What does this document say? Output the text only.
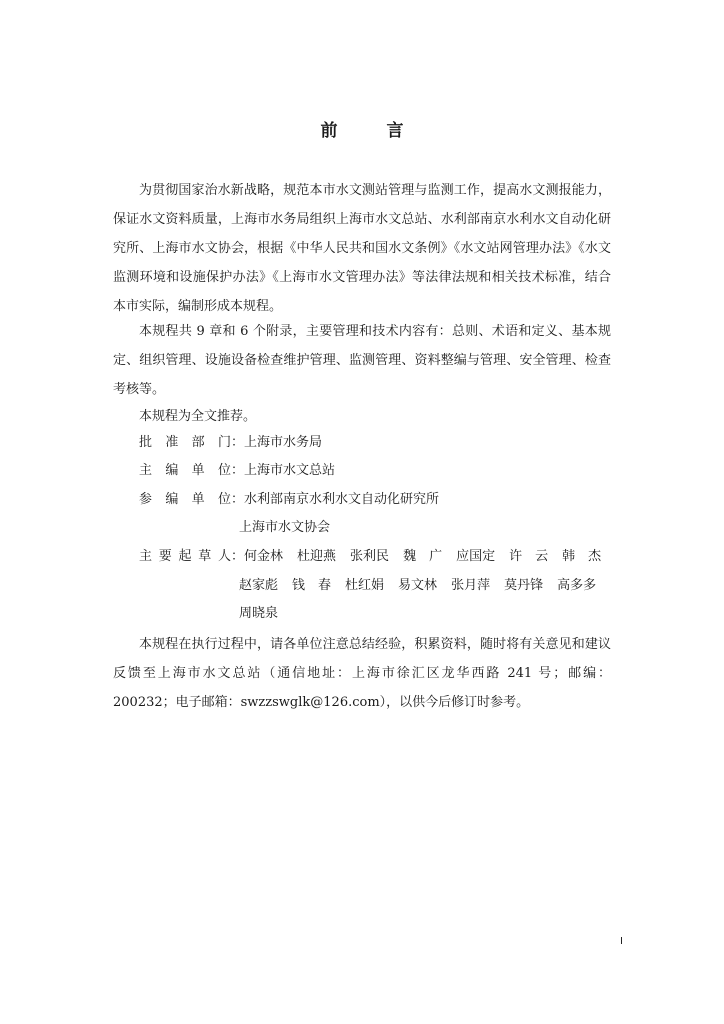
前　言

为贯彻国家治水新战略，规范本市水文测站管理与监测工作，提高水文测报能力，保证水文资料质量，上海市水务局组织上海市水文总站、水利部南京水利水文自动化研究所、上海市水文协会，根据《中华人民共和国水文条例》《水文站网管理办法》《水文监测环境和设施保护办法》《上海市水文管理办法》等法律法规和相关技术标准，结合本市实际，编制形成本规程。

本规程共 9 章和 6 个附录，主要管理和技术内容有：总则、术语和定义、基本规定、组织管理、设施设备检查维护管理、监测管理、资料整编与管理、安全管理、检查考核等。

本规程为全文推荐。

批 准 部 门 ： 上海市水务局
主 编 单 位 ： 上海市水文总站
参 编 单 位 ： 水利部南京水利水文自动化研究所
上海市水文协会
主 要 起 草 人 ： 何金林 杜迎燕 张利民 魏　广 应国定 许　云 韩　杰
赵家彪 钱　春 杜红娟 易文林 张月萍 莫丹锋 高多多
周晓泉

本规程在执行过程中，请各单位注意总结经验，积累资料，随时将有关意见和建议反馈至上海市水文总站（通信地址：上海市徐汇区龙华西路 241 号；邮编：200232；电子邮箱：swzzswglk@126.com），以供今后修订时参考。

I
